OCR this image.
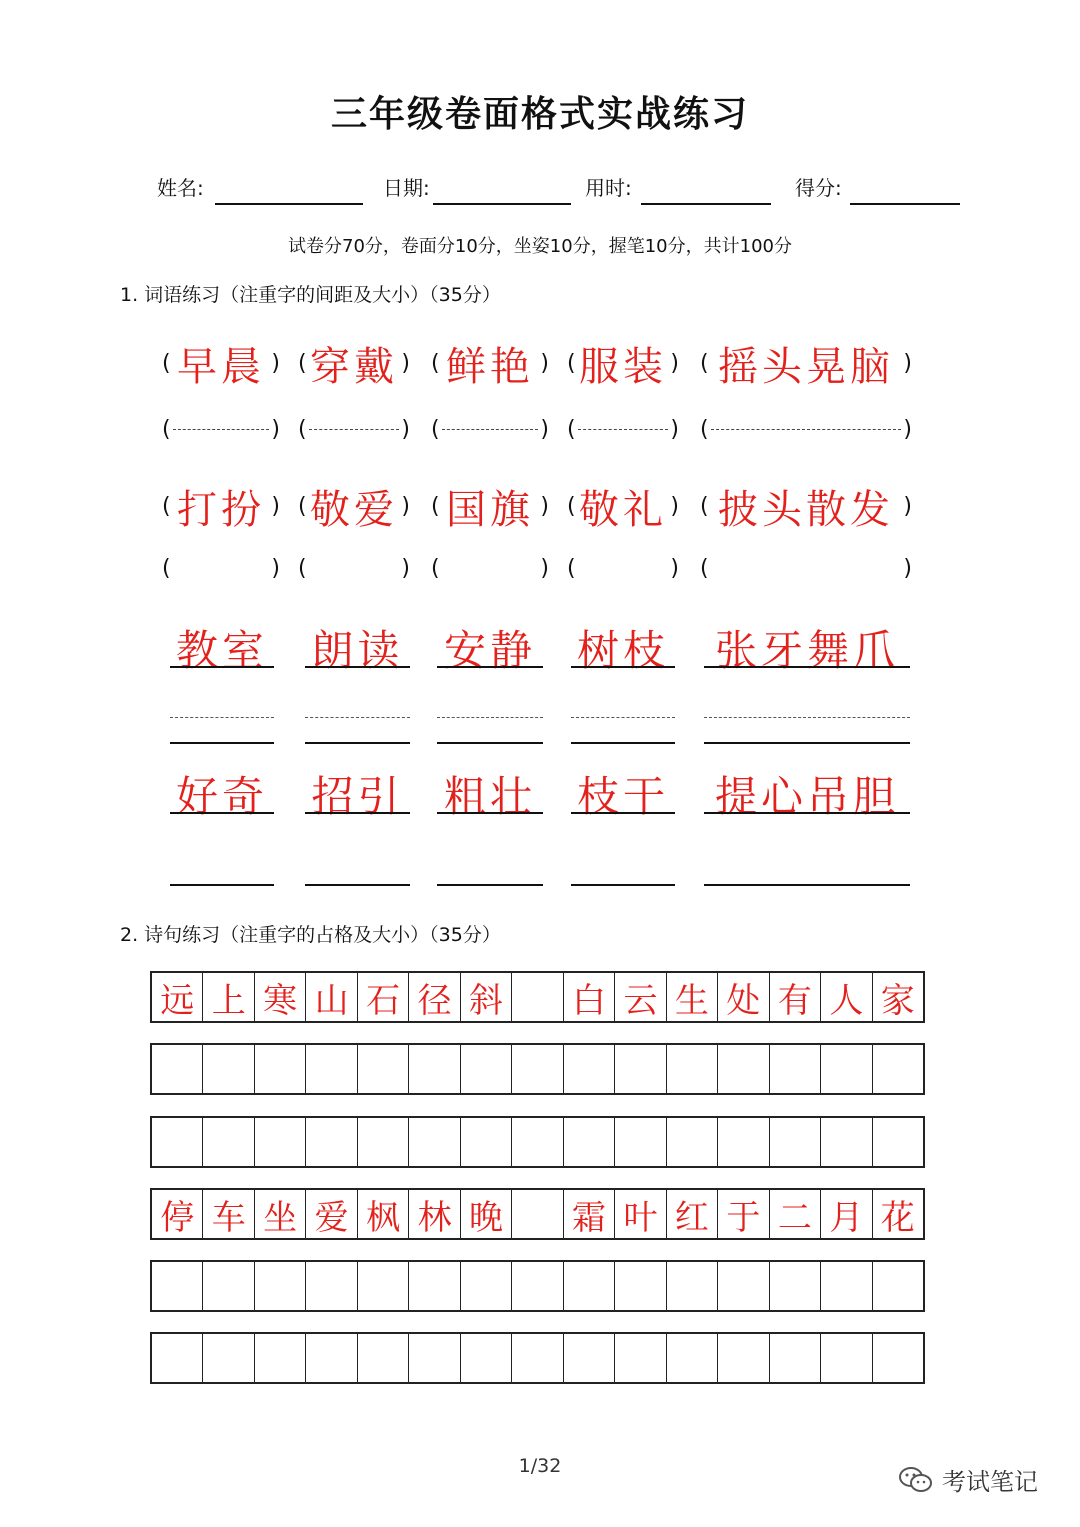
三年级卷面格式实战练习
姓名:	日期:	用时:	得分:
试卷分70分，卷面分10分，坐姿10分，握笔10分，共计100分
1. 词语练习（注重字的间距及大小）（35分）
( 早晨 ) ( 穿戴 ) ( 鲜艳 ) ( 服装 ) ( 摇头晃脑 )
(	) (	) (	) (	) (	)
( 打扮 ) ( 敬爱 ) ( 国旗 ) ( 敬礼 ) ( 披头散发 )
(	) (	) (	) (	) (	)
教室 朗读 安静 树枝 张牙舞爪
好奇 招引 粗壮 枝干 提心吊胆
2. 诗句练习（注重字的占格及大小）（35分）
远 上 寒 山 石 径 斜 白 云 生 处 有 人 家
停 车 坐 爱 枫 林 晚 霜 叶 红 于 二 月 花
1/32
考试笔记
